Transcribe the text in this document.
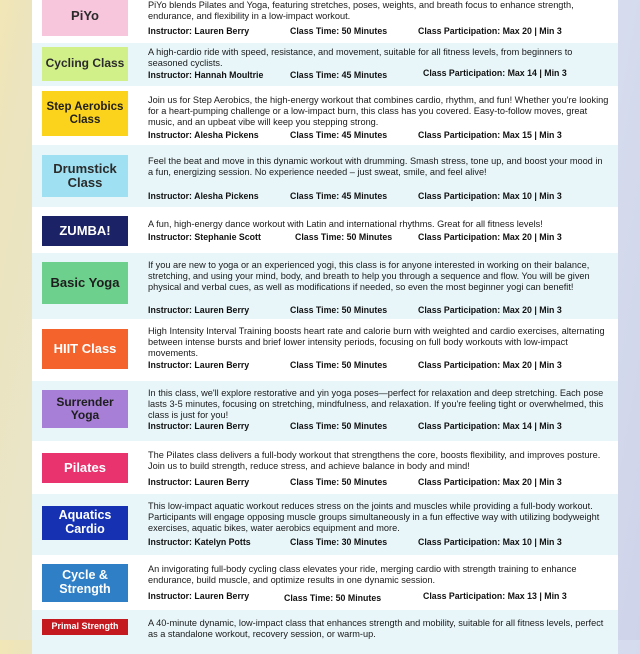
PiYo

PiYo blends Pilates and Yoga, featuring stretches, poses, weights, and breath focus to enhance strength, endurance, and flexibility in a low-impact workout.

Instructor: Lauren Berry	Class Time: 50 Minutes	Class Participation: Max 20 | Min 3
Cycling Class

A high-cardio ride with speed, resistance, and movement, suitable for all fitness levels, from beginners to seasoned cyclists.

Instructor: Hannah Moultrie	Class Time: 45 Minutes	Class Participation: Max 14 | Min 3
Step Aerobics Class

Join us for Step Aerobics, the high-energy workout that combines cardio, rhythm, and fun! Whether you're looking for a heart-pumping challenge or a low-impact burn, this class has you covered. Easy-to-follow moves, great music, and an upbeat vibe will keep you stepping strong.

Instructor: Alesha Pickens	Class Time: 45 Minutes	Class Participation: Max 15 | Min 3
Drumstick Class

Feel the beat and move in this dynamic workout with drumming. Smash stress, tone up, and boost your mood in a fun, energizing session. No experience needed – just sweat, smile, and feel alive!

Instructor: Alesha Pickens	Class Time: 45 Minutes	Class Participation: Max 10 | Min 3
ZUMBA!	A fun, high-energy dance workout with Latin and international rhythms. Great for all fitness levels!

Instructor: Stephanie Scott	Class Time: 50 Minutes	Class Participation: Max 20 | Min 3
Basic Yoga

If you are new to yoga or an experienced yogi, this class is for anyone interested in working on their balance, stretching, and using your mind, body, and breath to help you through a sequence and flow. You will be given physical and verbal cues, as well as modifications if needed, so even the most beginner yogi can benefit!

Instructor: Lauren Berry	Class Time: 50 Minutes	Class Participation: Max 20 | Min 3
HIIT Class

High Intensity Interval Training boosts heart rate and calorie burn with weighted and cardio exercises, alternating between intense bursts and brief lower intensity periods, focusing on full body workouts with low-impact movements.

Instructor: Lauren Berry	Class Time: 50 Minutes	Class Participation: Max 20 | Min 3
Surrender Yoga

In this class, we'll explore restorative and yin yoga poses—perfect for relaxation and deep stretching. Each pose lasts 3-5 minutes, focusing on stretching, mindfulness, and relaxation. If you're feeling tight or overwhelmed, this class is just for you!

Instructor: Lauren Berry	Class Time: 50 Minutes	Class Participation: Max 14 | Min 3
Pilates

The Pilates class delivers a full-body workout that strengthens the core, boosts flexibility, and improves posture. Join us to build strength, reduce stress, and achieve balance in body and mind!

Instructor: Lauren Berry	Class Time: 50 Minutes	Class Participation: Max 20 | Min 3
Aquatics Cardio

This low-impact aquatic workout reduces stress on the joints and muscles while providing a full-body workout. Participants will engage opposing muscle groups simultaneously in a fun effective way with utilizing bodyweight exercises, aquatic bikes, water aerobics equipment and more.

Instructor: Katelyn Potts	Class Time: 30 Minutes	Class Participation: Max 10 | Min 3
Cycle & Strength

An invigorating full-body cycling class elevates your ride, merging cardio with strength training to enhance endurance, build muscle, and optimize results in one dynamic session.

Instructor: Lauren Berry	Class Time: 50 Minutes	Class Participation: Max 13 | Min 3
Primal Strength	A 40-minute dynamic, low-impact class that enhances strength and mobility, suitable for all fitness levels, perfect as a standalone workout, recovery session, or warm-up.
